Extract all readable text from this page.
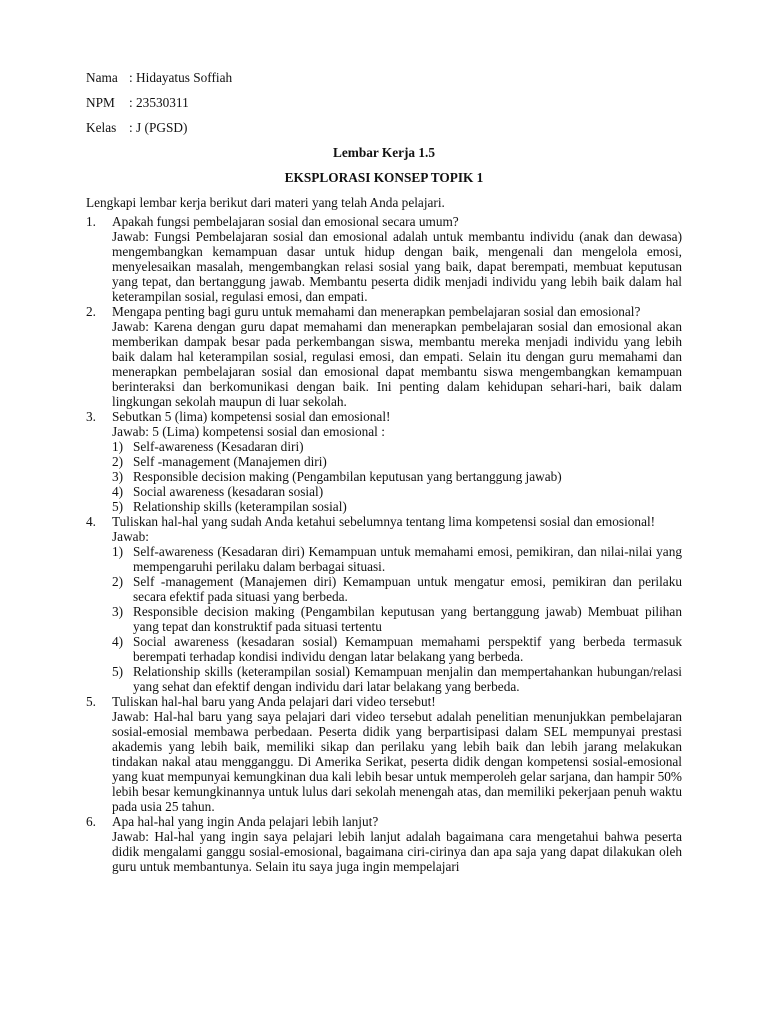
Nama : Hidayatus Soffiah
NPM	: 23530311
Kelas : J (PGSD)
Lembar Kerja 1.5
EKSPLORASI KONSEP TOPIK 1
Lengkapi lembar kerja berikut dari materi yang telah Anda pelajari.
1. Apakah fungsi pembelajaran sosial dan emosional secara umum?
Jawab: Fungsi Pembelajaran sosial dan emosional adalah untuk membantu individu (anak dan dewasa) mengembangkan kemampuan dasar untuk hidup dengan baik, mengenali dan mengelola emosi, menyelesaikan masalah, mengembangkan relasi sosial yang baik, dapat berempati, membuat keputusan yang tepat, dan bertanggung jawab. Membantu peserta didik menjadi individu yang lebih baik dalam hal keterampilan sosial, regulasi emosi, dan empati.
2. Mengapa penting bagi guru untuk memahami dan menerapkan pembelajaran sosial dan emosional?
Jawab: Karena dengan guru dapat memahami dan menerapkan pembelajaran sosial dan emosional akan memberikan dampak besar pada perkembangan siswa, membantu mereka menjadi individu yang lebih baik dalam hal keterampilan sosial, regulasi emosi, dan empati. Selain itu dengan guru memahami dan menerapkan pembelajaran sosial dan emosional dapat membantu siswa mengembangkan kemampuan berinteraksi dan berkomunikasi dengan baik. Ini penting dalam kehidupan sehari-hari, baik dalam lingkungan sekolah maupun di luar sekolah.
3. Sebutkan 5 (lima) kompetensi sosial dan emosional!
Jawab: 5 (Lima) kompetensi sosial dan emosional :
1) Self-awareness (Kesadaran diri)
2) Self -management (Manajemen diri)
3) Responsible decision making (Pengambilan keputusan yang bertanggung jawab)
4) Social awareness (kesadaran sosial)
5) Relationship skills (keterampilan sosial)
4. Tuliskan hal-hal yang sudah Anda ketahui sebelumnya tentang lima kompetensi sosial dan emosional!
Jawab:
1) Self-awareness (Kesadaran diri) Kemampuan untuk memahami emosi, pemikiran, dan nilai-nilai yang mempengaruhi perilaku dalam berbagai situasi.
2) Self -management (Manajemen diri) Kemampuan untuk mengatur emosi, pemikiran dan perilaku secara efektif pada situasi yang berbeda.
3) Responsible decision making (Pengambilan keputusan yang bertanggung jawab) Membuat pilihan yang tepat dan konstruktif pada situasi tertentu
4) Social awareness (kesadaran sosial) Kemampuan memahami perspektif yang berbeda termasuk berempati terhadap kondisi individu dengan latar belakang yang berbeda.
5) Relationship skills (keterampilan sosial) Kemampuan menjalin dan mempertahankan hubungan/relasi yang sehat dan efektif dengan individu dari latar belakang yang berbeda.
5. Tuliskan hal-hal baru yang Anda pelajari dari video tersebut!
Jawab: Hal-hal baru yang saya pelajari dari video tersebut adalah penelitian menunjukkan pembelajaran sosial-emosial membawa perbedaan. Peserta didik yang berpartisipasi dalam SEL mempunyai prestasi akademis yang lebih baik, memiliki sikap dan perilaku yang lebih baik dan lebih jarang melakukan tindakan nakal atau mengganggu. Di Amerika Serikat, peserta didik dengan kompetensi sosial-emosional yang kuat mempunyai kemungkinan dua kali lebih besar untuk memperoleh gelar sarjana, dan hampir 50% lebih besar kemungkinannya untuk lulus dari sekolah menengah atas, dan memiliki pekerjaan penuh waktu pada usia 25 tahun.
6. Apa hal-hal yang ingin Anda pelajari lebih lanjut?
Jawab: Hal-hal yang ingin saya pelajari lebih lanjut adalah bagaimana cara mengetahui bahwa peserta didik mengalami ganggu sosial-emosional, bagaimana ciri-cirinya dan apa saja yang dapat dilakukan oleh guru untuk membantunya. Selain itu saya juga ingin mempelajari
